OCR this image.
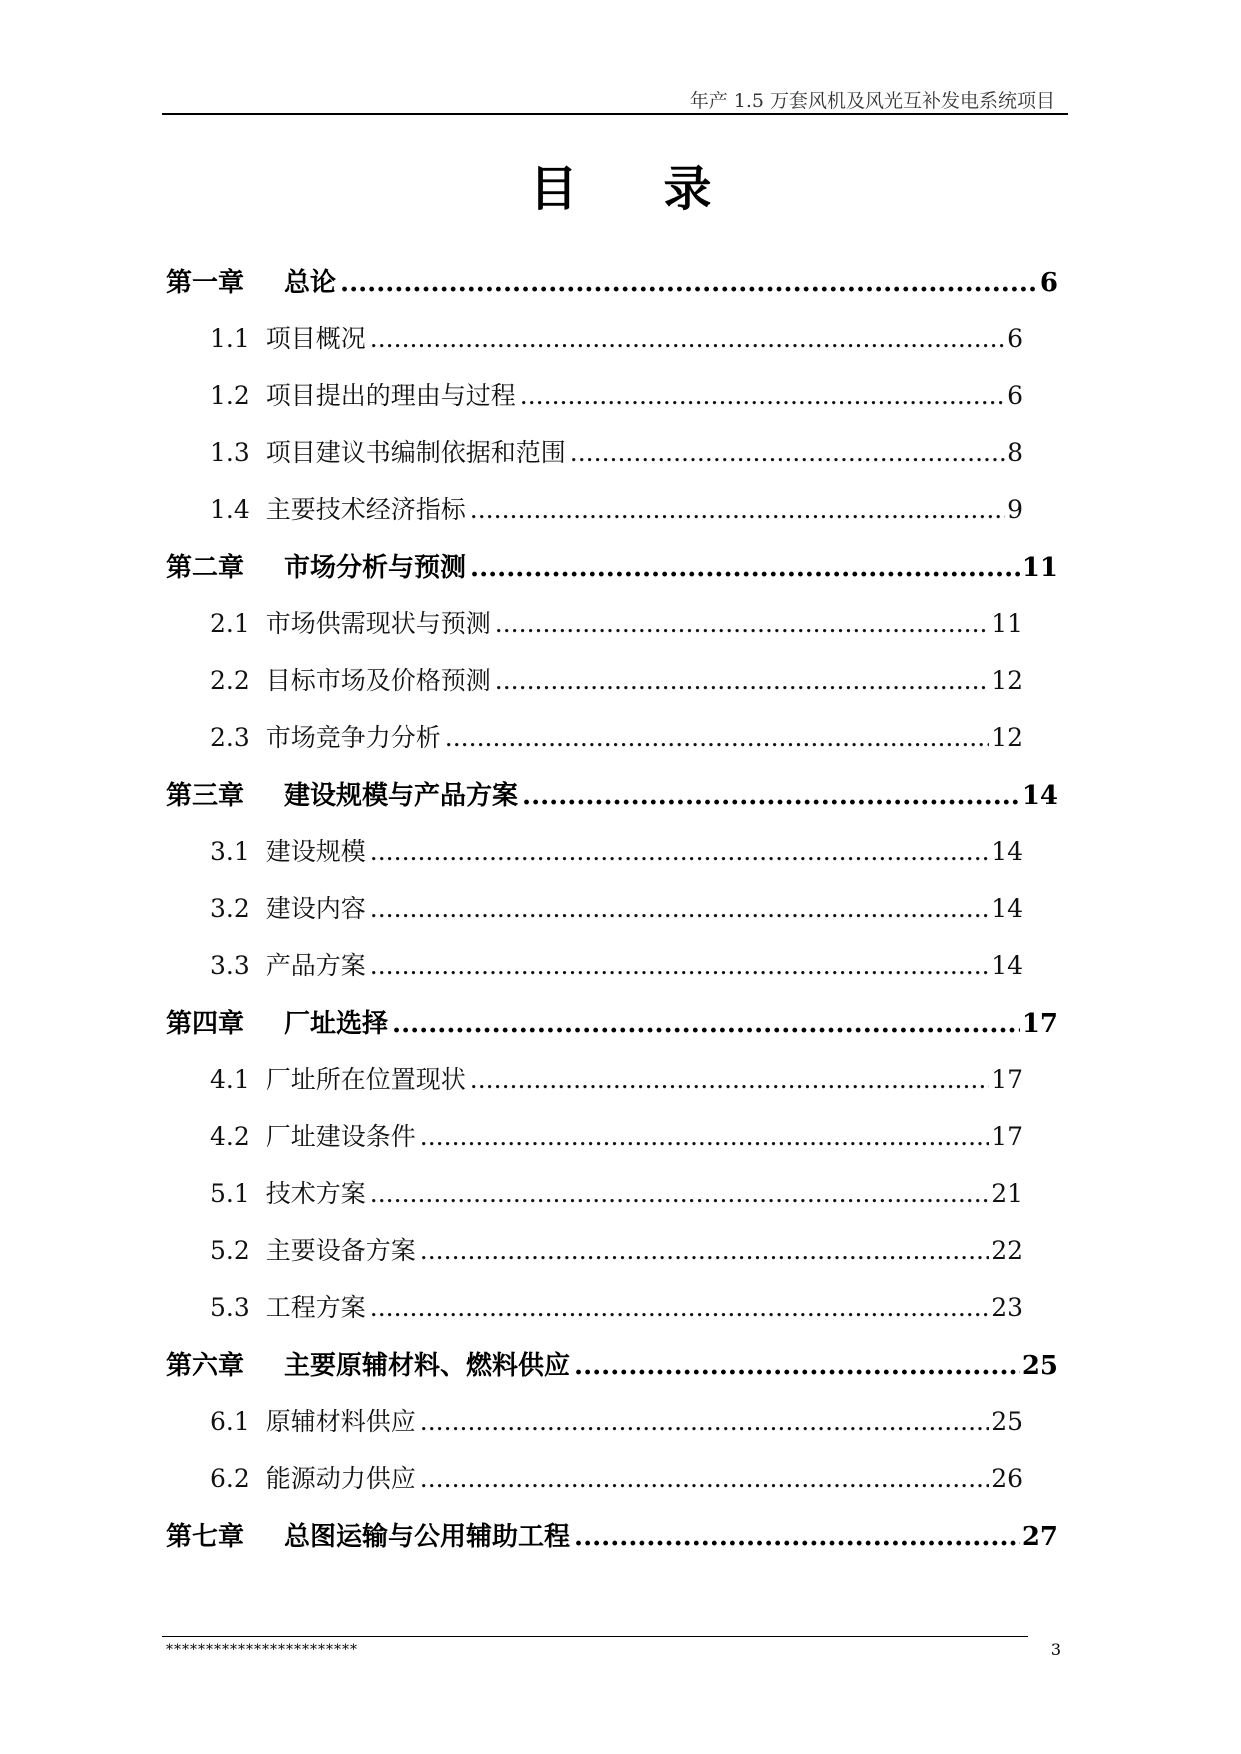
年产 1.5 万套风机及风光互补发电系统项目
目录
第一章	总论 .....	6
1.1 项目概况 .....	6
1.2 项目提出的理由与过程 .....	6
1.3 项目建议书编制依据和范围 .....	8
1.4 主要技术经济指标 .....	9
第二章	市场分析与预测 .....	11
2.1 市场供需现状与预测 .....	11
2.2 目标市场及价格预测 .....	12
2.3 市场竞争力分析 .....	12
第三章	建设规模与产品方案 .....	14
3.1 建设规模 .....	14
3.2 建设内容 .....	14
3.3 产品方案 .....	14
第四章	厂址选择 .....	17
4.1 厂址所在位置现状 .....	17
4.2 厂址建设条件 .....	17
5.1 技术方案 .....	21
5.2 主要设备方案 .....	22
5.3 工程方案 .....	23
第六章	主要原辅材料、燃料供应 .....	25
6.1 原辅材料供应 .....	25
6.2 能源动力供应 .....	26
第七章	总图运输与公用辅助工程 .....	27
************************	3
